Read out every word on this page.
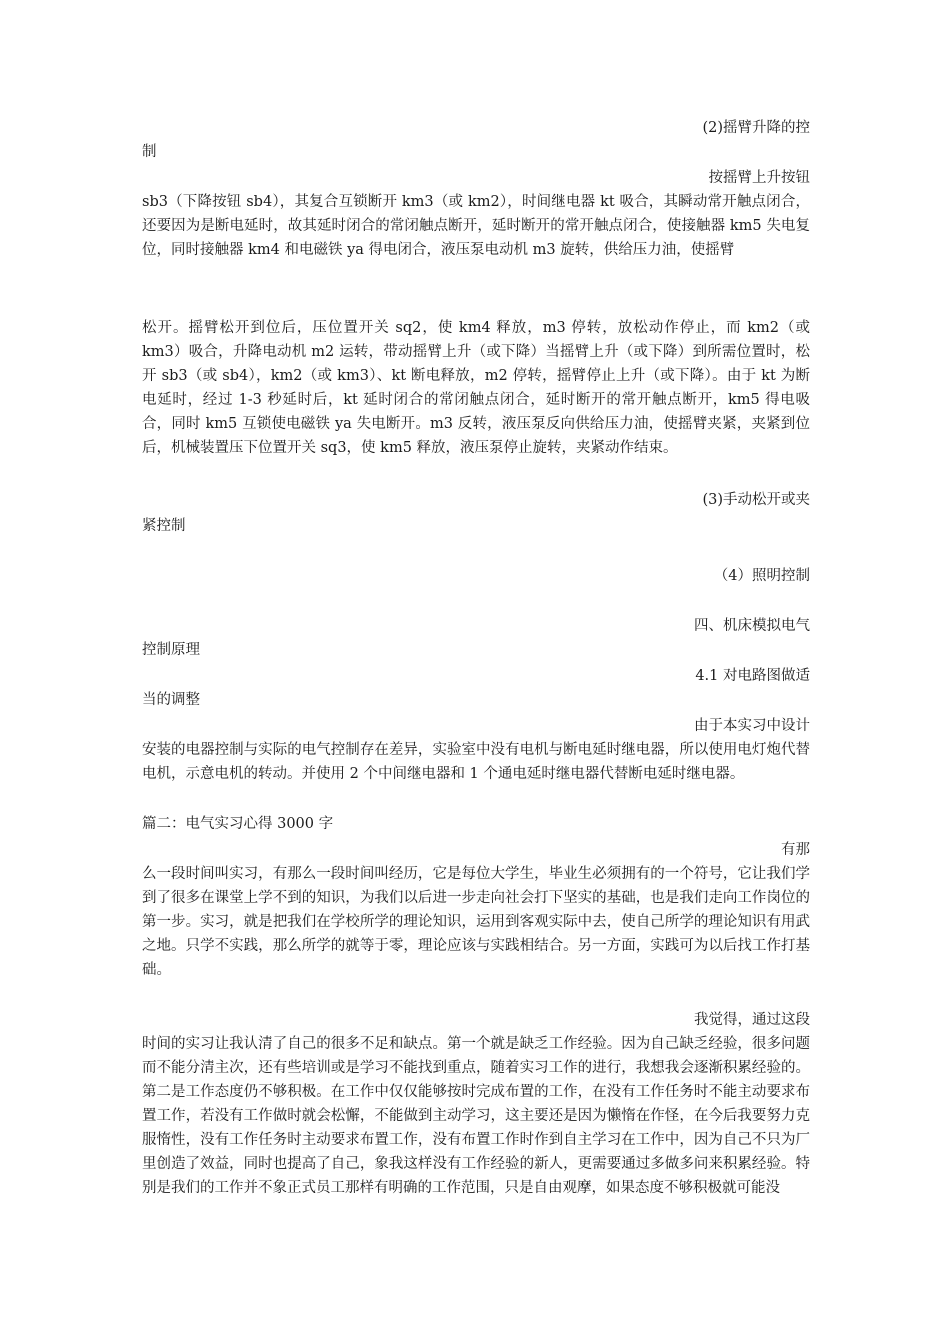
(2)摇臂升降的控

制

按摇臂上升按钮

sb3（下降按钮 sb4），其复合互锁断开 km3（或 km2），时间继电器 kt 吸合，其瞬动常开触点闭合，还要因为是断电延时，故其延时闭合的常闭触点断开，延时断开的常开触点闭合，使接触器 km5 失电复位，同时接触器 km4 和电磁铁 ya 得电闭合，液压泵电动机 m3 旋转，供给压力油，使摇臂

松开。摇臂松开到位后，压位置开关 sq2，使 km4 释放，m3 停转，放松动作停止，而 km2（或 km3）吸合，升降电动机 m2 运转，带动摇臂上升（或下降）当摇臂上升（或下降）到所需位置时，松开 sb3（或 sb4），km2（或 km3）、kt 断电释放，m2 停转，摇臂停止上升（或下降）。由于 kt 为断电延时，经过 1-3 秒延时后，kt 延时闭合的常闭触点闭合，延时断开的常开触点断开，km5 得电吸合，同时 km5 互锁使电磁铁 ya 失电断开。m3 反转，液压泵反向供给压力油，使摇臂夹紧，夹紧到位后，机械装置压下位置开关 sq3，使 km5 释放，液压泵停止旋转，夹紧动作结束。

(3)手动松开或夹

紧控制

（4）照明控制

四、机床模拟电气

控制原理

4.1 对电路图做适

当的调整

由于本实习中设计

安装的电器控制与实际的电气控制存在差异，实验室中没有电机与断电延时继电器，所以使用电灯炮代替电机，示意电机的转动。并使用 2 个中间继电器和 1 个通电延时继电器代替断电延时继电器。

篇二：电气实习心得 3000 字

有那

么一段时间叫实习，有那么一段时间叫经历，它是每位大学生，毕业生必须拥有的一个符号，它让我们学到了很多在课堂上学不到的知识，为我们以后进一步走向社会打下坚实的基础，也是我们走向工作岗位的第一步。实习，就是把我们在学校所学的理论知识，运用到客观实际中去，使自己所学的理论知识有用武之地。只学不实践，那么所学的就等于零，理论应该与实践相结合。另一方面，实践可为以后找工作打基础。

我觉得，通过这段

时间的实习让我认清了自己的很多不足和缺点。第一个就是缺乏工作经验。因为自己缺乏经验，很多问题而不能分清主次，还有些培训或是学习不能找到重点，随着实习工作的进行，我想我会逐渐积累经验的。第二是工作态度仍不够积极。在工作中仅仅能够按时完成布置的工作，在没有工作任务时不能主动要求布置工作，若没有工作做时就会松懈，不能做到主动学习，这主要还是因为懒惰在作怪，在今后我要努力克服惰性，没有工作任务时主动要求布置工作，没有布置工作时作到自主学习在工作中，因为自己不只为厂里创造了效益，同时也提高了自己，象我这样没有工作经验的新人，更需要通过多做多问来积累经验。特别是我们的工作并不象正式员工那样有明确的工作范围，只是自由观摩，如果态度不够积极就可能没
